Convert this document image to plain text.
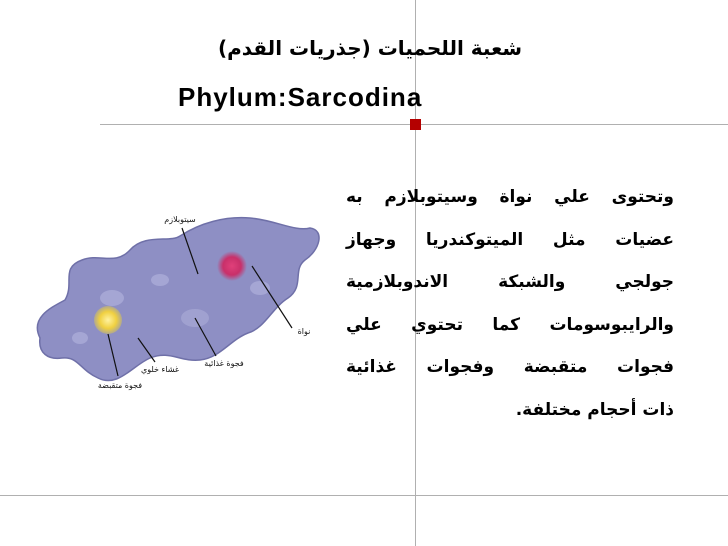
شعبة اللحميات (جذريات القدم)
Phylum:Sarcodina
سيتوبلازم
نواة
فجوة غذائية
غشاء خلوي
فجوة متقبضة
وتحتوى علي نواة وسيتوبلازم به
عضيات مثل الميتوكندريا وجهاز
جولجي والشبكة الاندوبلازمية
والرايبوسومات كما تحتوي علي
فجوات متقبضة وفجوات غذائية
ذات أحجام مختلفة.
